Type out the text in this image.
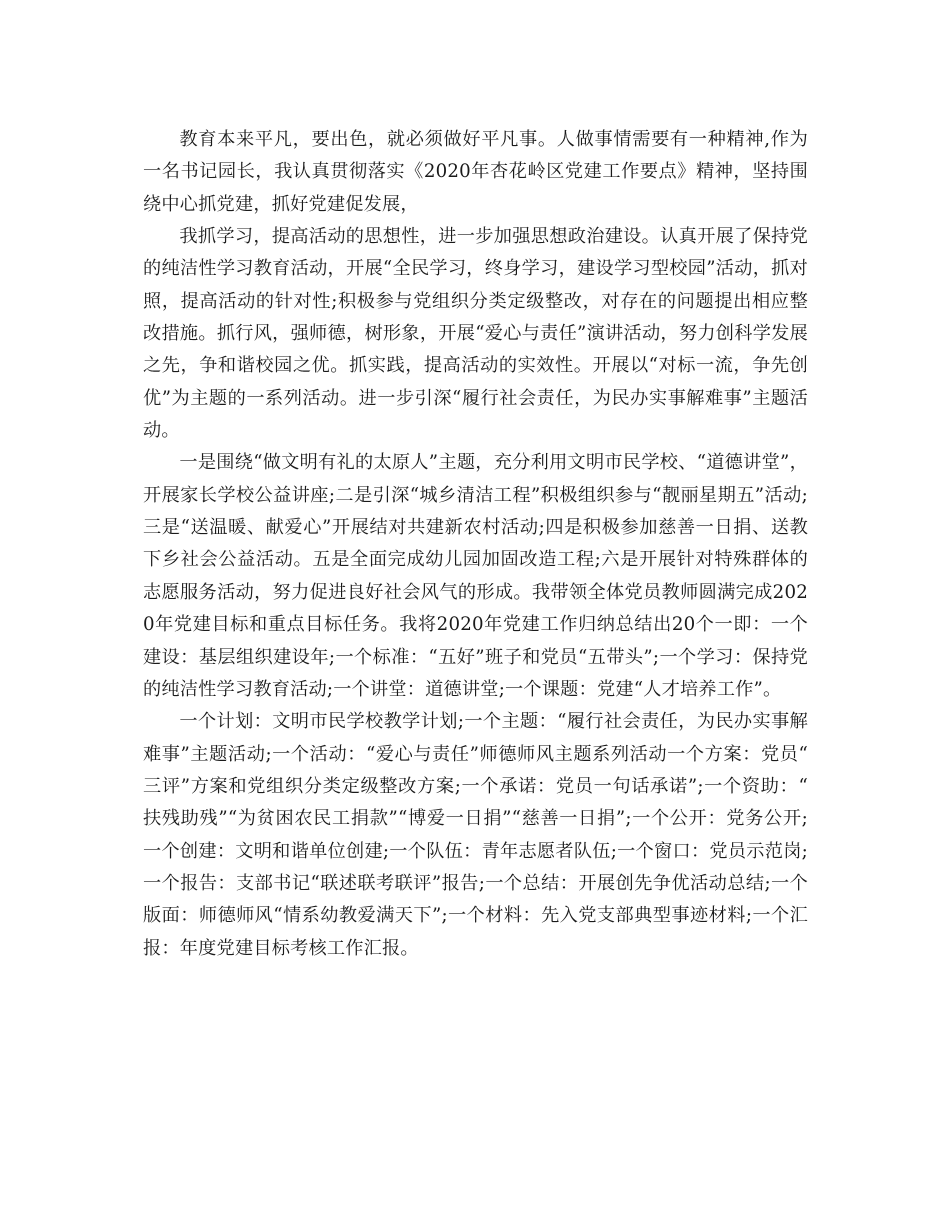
教育本来平凡，要出色，就必须做好平凡事。人做事情需要有一种精神,作为一名书记园长，我认真贯彻落实《2020年杏花岭区党建工作要点》精神，坚持围绕中心抓党建，抓好党建促发展，

我抓学习，提高活动的思想性，进一步加强思想政治建设。认真开展了保持党的纯洁性学习教育活动，开展“全民学习，终身学习，建设学习型校园”活动，抓对照，提高活动的针对性;积极参与党组织分类定级整改，对存在的问题提出相应整改措施。抓行风，强师德，树形象，开展“爱心与责任”演讲活动，努力创科学发展之先，争和谐校园之优。抓实践，提高活动的实效性。开展以“对标一流，争先创优”为主题的一系列活动。进一步引深“履行社会责任，为民办实事解难事”主题活动。

一是围绕“做文明有礼的太原人”主题，充分利用文明市民学校、“道德讲堂”，开展家长学校公益讲座;二是引深“城乡清洁工程”积极组织参与“靓丽星期五”活动;三是“送温暖、献爱心”开展结对共建新农村活动;四是积极参加慈善一日捐、送教下乡社会公益活动。五是全面完成幼儿园加固改造工程;六是开展针对特殊群体的志愿服务活动，努力促进良好社会风气的形成。我带领全体党员教师圆满完成2020年党建目标和重点目标任务。我将2020年党建工作归纳总结出20个一即：一个建设：基层组织建设年;一个标准：“五好”班子和党员“五带头”;一个学习：保持党的纯洁性学习教育活动;一个讲堂：道德讲堂;一个课题：党建“人才培养工作”。

一个计划：文明市民学校教学计划;一个主题：“履行社会责任，为民办实事解难事”主题活动;一个活动：“爱心与责任”师德师风主题系列活动一个方案：党员“三评”方案和党组织分类定级整改方案;一个承诺：党员一句话承诺”;一个资助：“扶残助残”“为贫困农民工捐款”“博爱一日捐”“慈善一日捐”;一个公开：党务公开;一个创建：文明和谐单位创建;一个队伍：青年志愿者队伍;一个窗口：党员示范岗;一个报告：支部书记“联述联考联评”报告;一个总结：开展创先争优活动总结;一个版面：师德师风“情系幼教爱满天下”;一个材料：先入党支部典型事迹材料;一个汇报：年度党建目标考核工作汇报。
